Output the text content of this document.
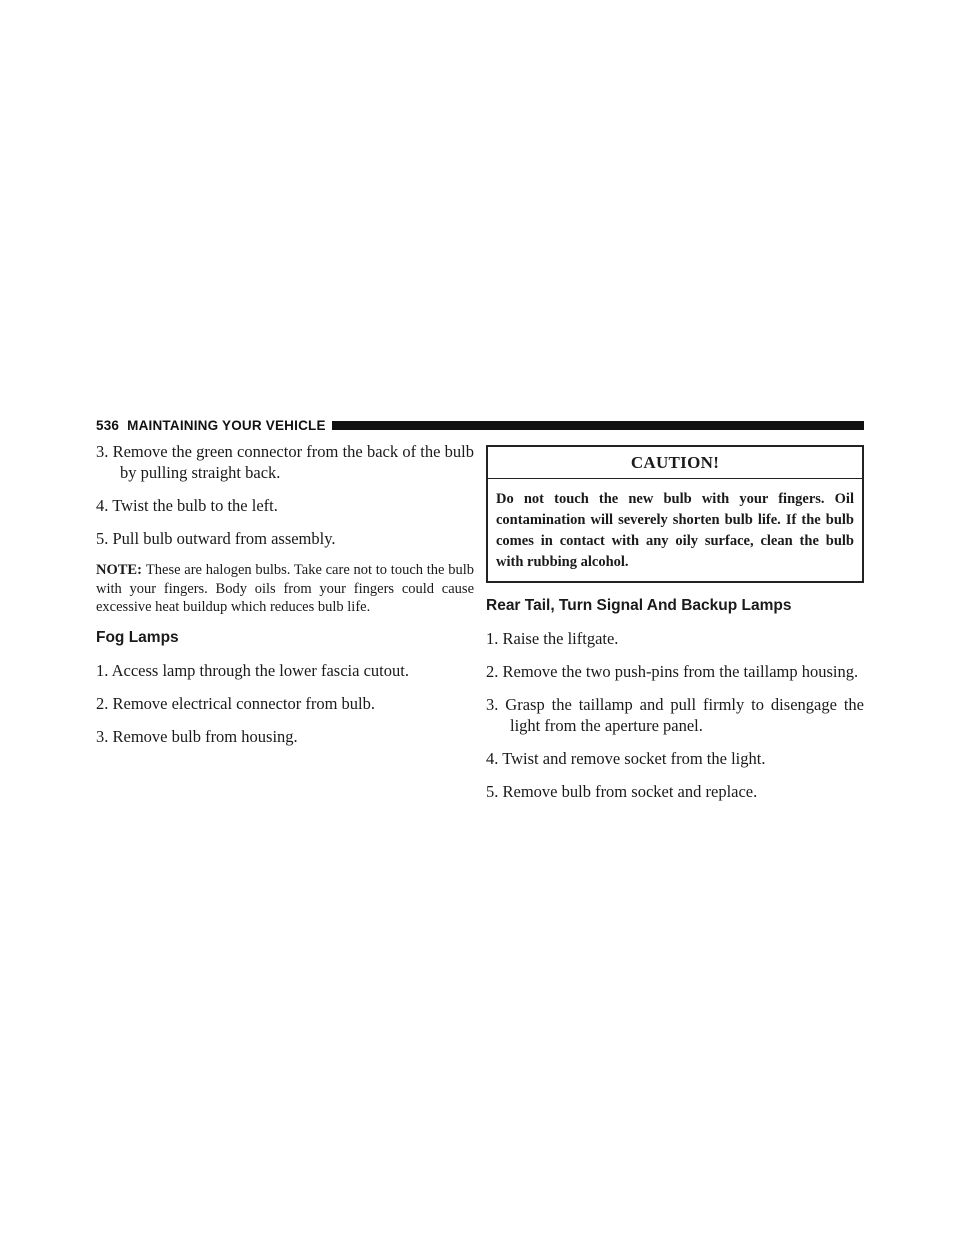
536 MAINTAINING YOUR VEHICLE

3. Remove the green connector from the back of the bulb by pulling straight back.

4. Twist the bulb to the left.

5. Pull bulb outward from assembly.

NOTE: These are halogen bulbs. Take care not to touch the bulb with your fingers. Body oils from your fingers could cause excessive heat buildup which reduces bulb life.

Fog Lamps

1. Access lamp through the lower fascia cutout.

2. Remove electrical connector from bulb.

3. Remove bulb from housing.

CAUTION!
Do not touch the new bulb with your fingers. Oil contamination will severely shorten bulb life. If the bulb comes in contact with any oily surface, clean the bulb with rubbing alcohol.
Rear Tail, Turn Signal And Backup Lamps

1. Raise the liftgate.

2. Remove the two push-pins from the taillamp housing.

3. Grasp the taillamp and pull firmly to disengage the light from the aperture panel.

4. Twist and remove socket from the light.

5. Remove bulb from socket and replace.
